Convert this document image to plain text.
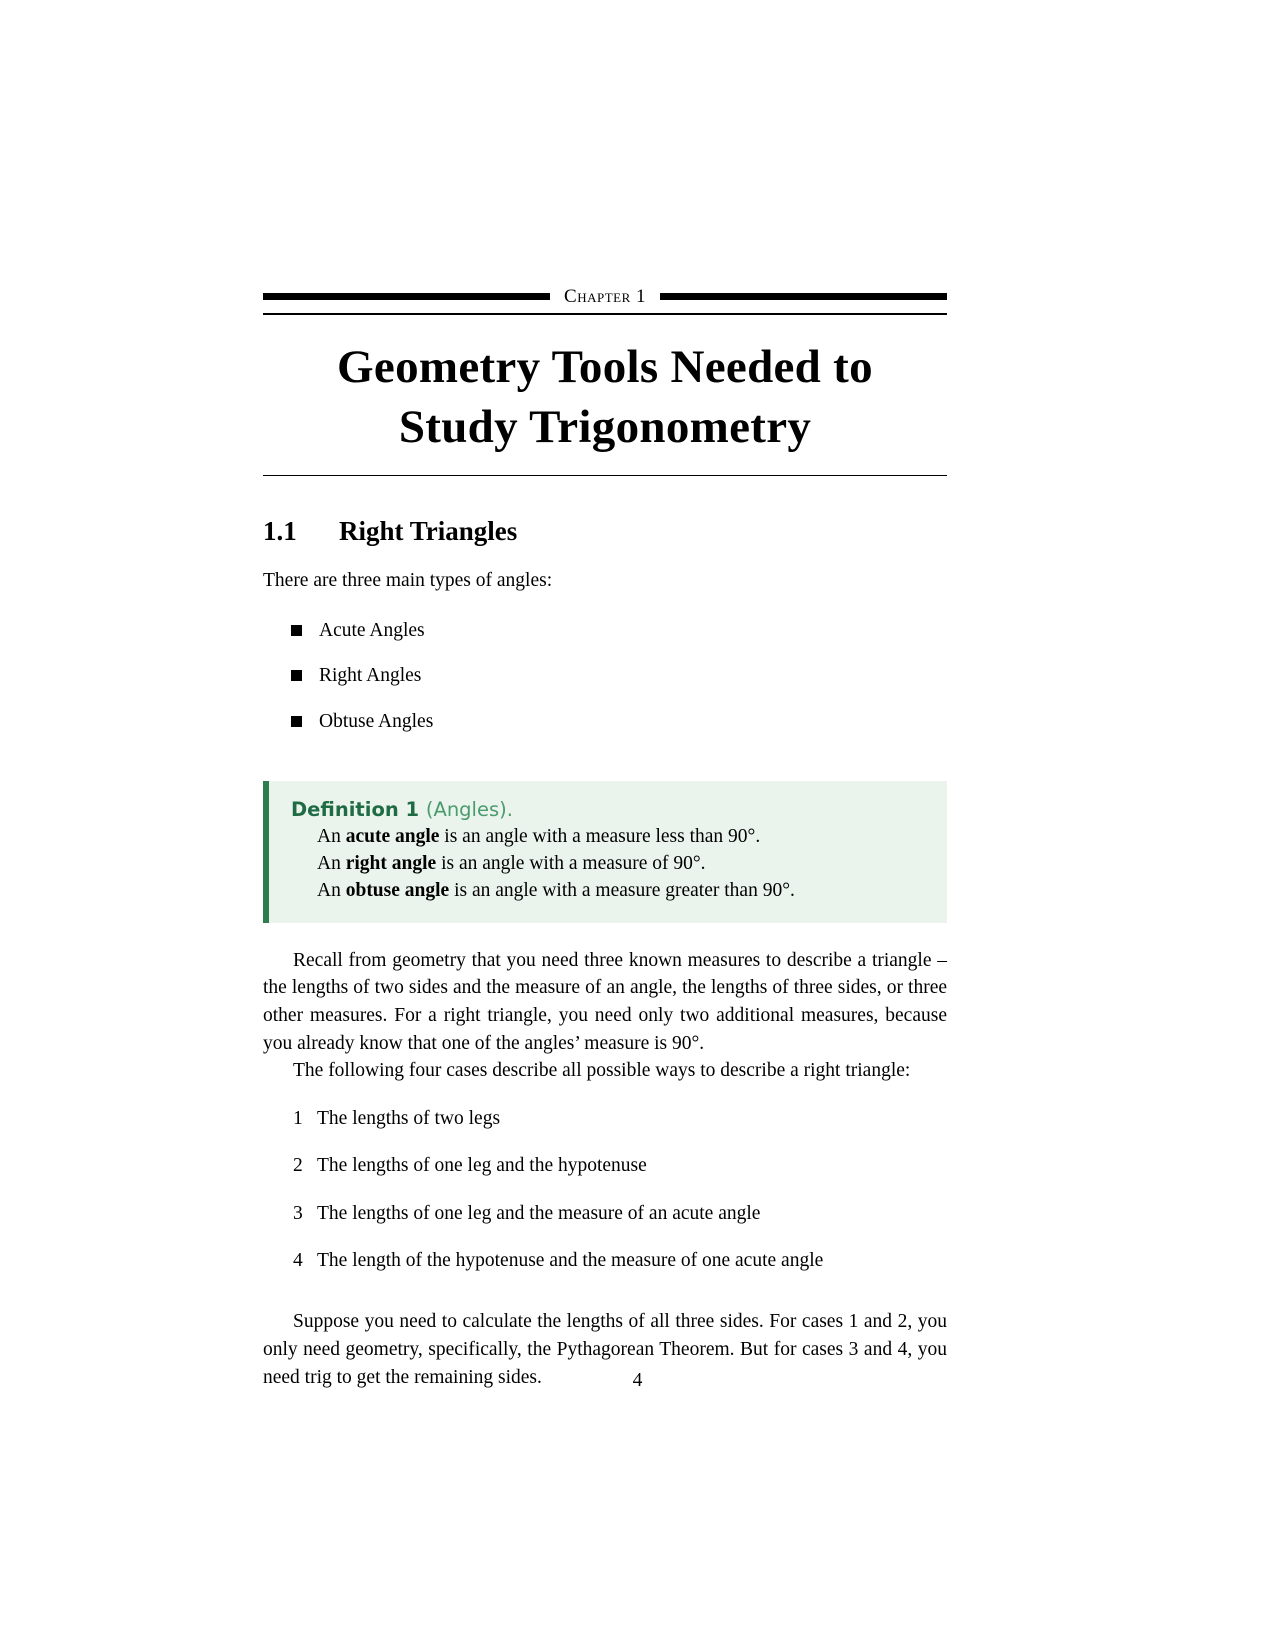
Chapter 1
Geometry Tools Needed to
Study Trigonometry
1.1	Right Triangles

There are three main types of angles:

Acute Angles
Right Angles
Obtuse Angles
Definition 1 (Angles).
An acute angle is an angle with a measure less than 90°.
An right angle is an angle with a measure of 90°.
An obtuse angle is an angle with a measure greater than 90°.

Recall from geometry that you need three known measures to describe a triangle – the lengths of two sides and the measure of an angle, the lengths of three sides, or three other measures. For a right triangle, you need only two additional measures, because you already know that one of the angles’ measure is 90°.

The following four cases describe all possible ways to describe a right triangle:

1 The lengths of two legs
2 The lengths of one leg and the hypotenuse
3 The lengths of one leg and the measure of an acute angle
4 The length of the hypotenuse and the measure of one acute angle

Suppose you need to calculate the lengths of all three sides. For cases 1 and 2, you only need geometry, specifically, the Pythagorean Theorem. But for cases 3 and 4, you need trig to get the remaining sides.	4
